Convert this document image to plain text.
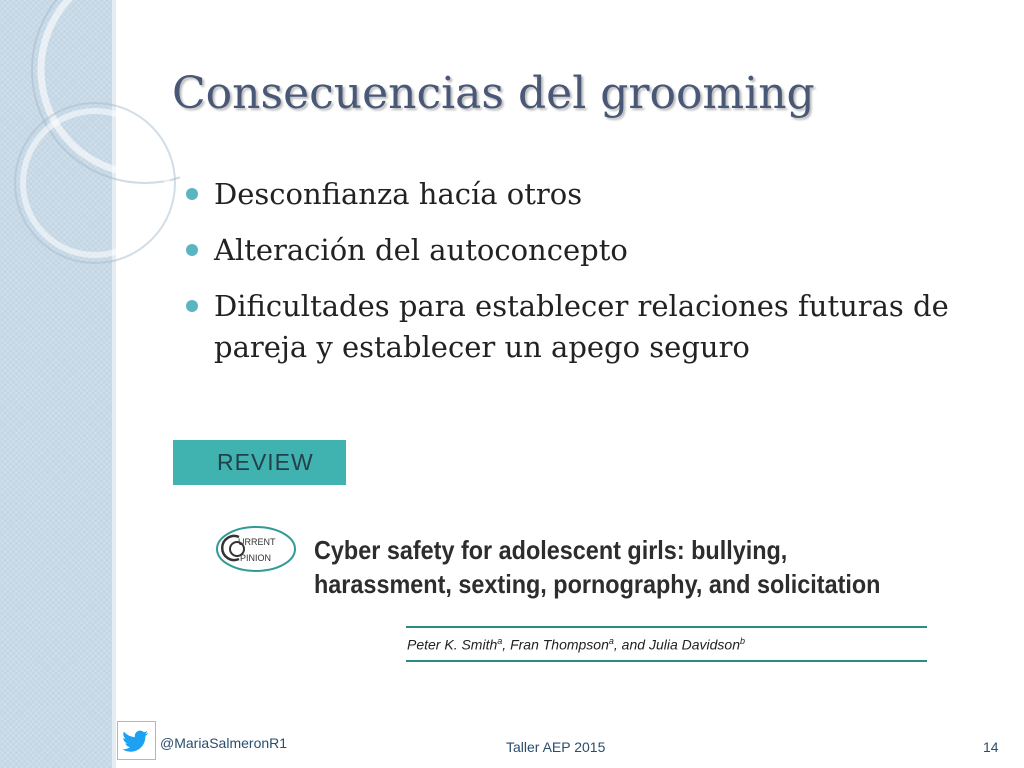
Consecuencias del grooming
Desconfianza hacía otros
Alteración del autoconcepto
Dificultades para establecer relaciones futuras de pareja y establecer un apego seguro
REVIEW
URRENT
PINION Cyber safety for adolescent girls: bullying,
harassment, sexting, pornography, and solicitation
Peter K. Smith$^a$, Fran Thompson$^a$, and Julia Davidson$^b$
@MariaSalmeronR1	Taller AEP 2015	14
